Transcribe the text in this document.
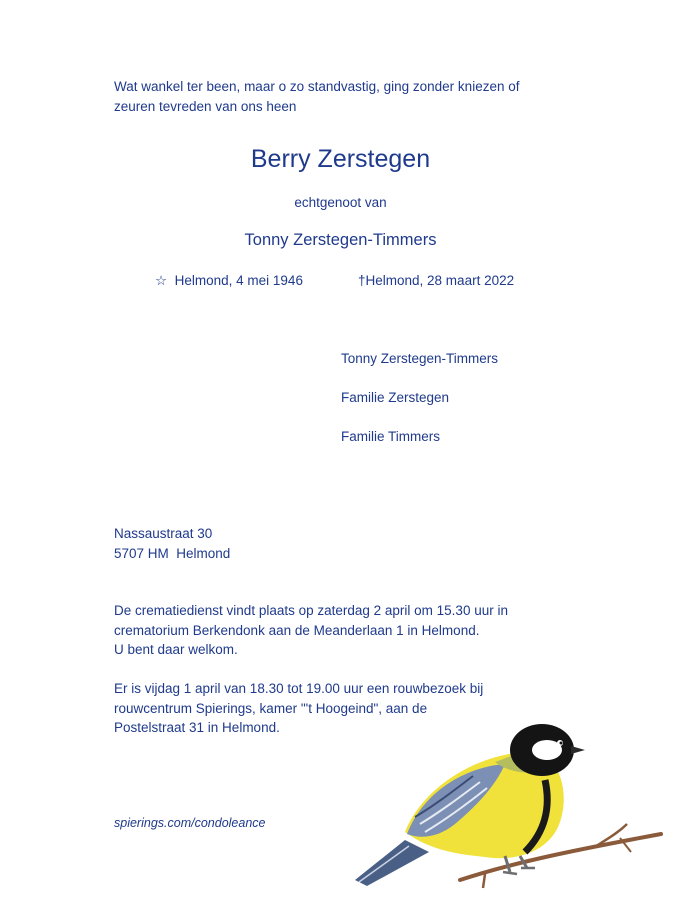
Wat wankel ter been, maar o zo standvastig, ging zonder kniezen of
zeuren tevreden van ons heen
Berry Zerstegen
echtgenoot van
Tonny Zerstegen-Timmers
☆ Helmond, 4 mei 1946	†Helmond, 28 maart 2022
Tonny Zerstegen-Timmers
Familie Zerstegen
Familie Timmers
Nassaustraat 30
5707 HM  Helmond
De crematiedienst vindt plaats op zaterdag 2 april om 15.30 uur in
crematorium Berkendonk aan de Meanderlaan 1 in Helmond.
U bent daar welkom.
Er is vijdag 1 april van 18.30 tot 19.00 uur een rouwbezoek bij
rouwcentrum Spierings, kamer "'t Hoogeind", aan de
Postelstraat 31 in Helmond.
spierings.com/condoleance
